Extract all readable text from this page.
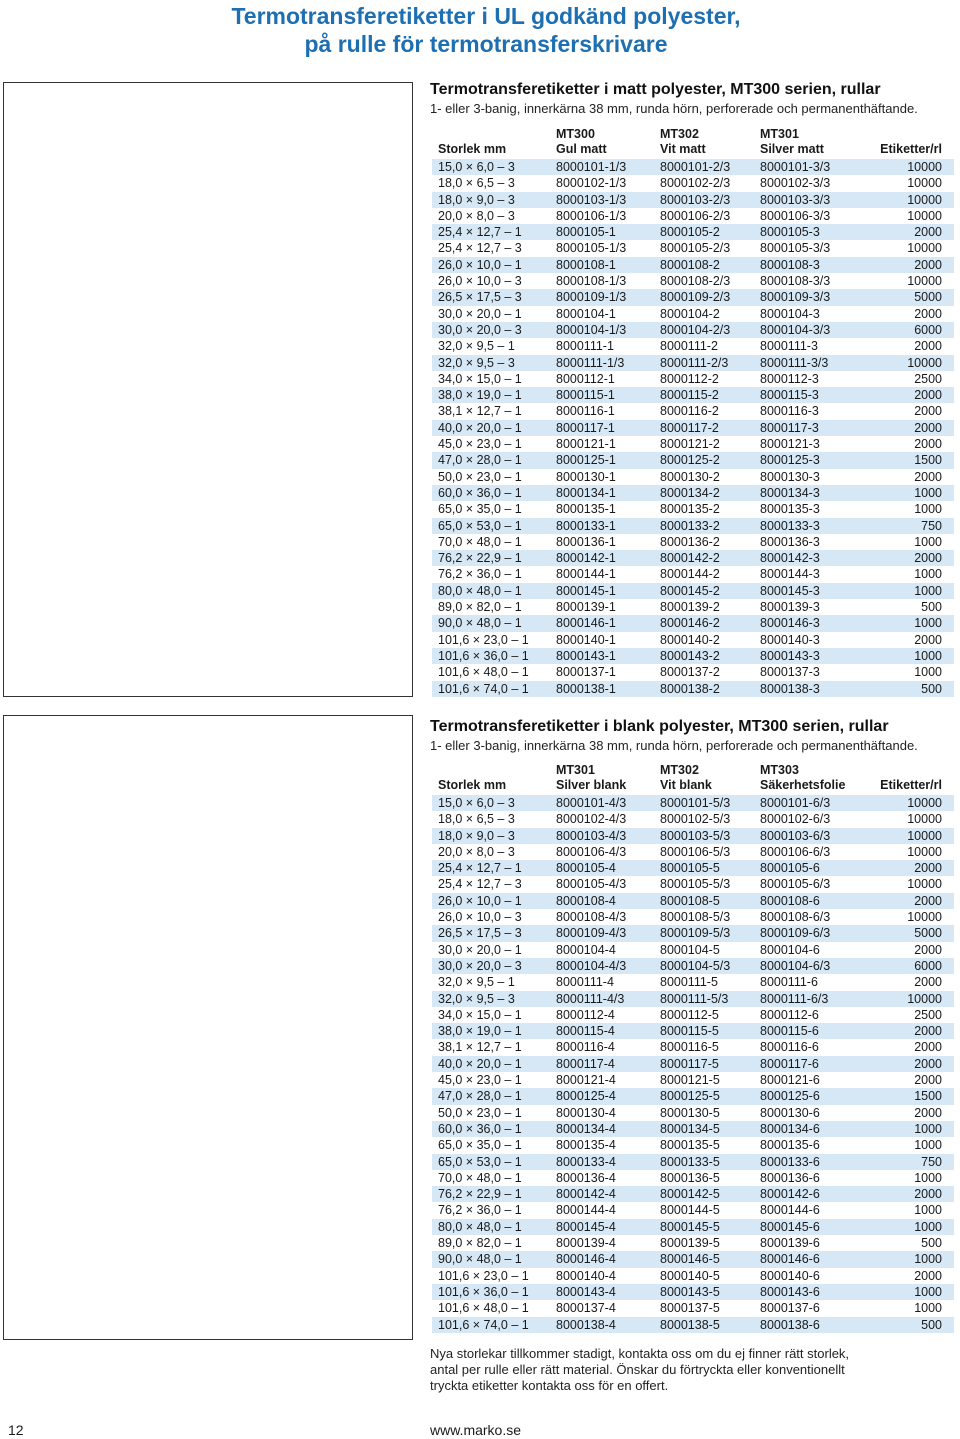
Termotransferetiketter i UL godkänd polyester,
på rulle för termotransferskrivare
Termotransferetiketter i matt polyester, MT300 serien, rullar
1- eller 3-banig, innerkärna 38 mm, runda hörn, perforerade och permanenthäftande.
	MT300	MT302	MT301	
Storlek mm	Gul matt	Vit matt	Silver matt	Etiketter/rl
15,0 × 6,0 – 3	8000101-1/3	8000101-2/3	8000101-3/3	10000
18,0 × 6,5 – 3	8000102-1/3	8000102-2/3	8000102-3/3	10000
18,0 × 9,0 – 3	8000103-1/3	8000103-2/3	8000103-3/3	10000
20,0 × 8,0 – 3	8000106-1/3	8000106-2/3	8000106-3/3	10000
25,4 × 12,7 – 1	8000105-1	8000105-2	8000105-3	2000
25,4 × 12,7 – 3	8000105-1/3	8000105-2/3	8000105-3/3	10000
26,0 × 10,0 – 1	8000108-1	8000108-2	8000108-3	2000
26,0 × 10,0 – 3	8000108-1/3	8000108-2/3	8000108-3/3	10000
26,5 × 17,5 – 3	8000109-1/3	8000109-2/3	8000109-3/3	5000
30,0 × 20,0 – 1	8000104-1	8000104-2	8000104-3	2000
30,0 × 20,0 – 3	8000104-1/3	8000104-2/3	8000104-3/3	6000
32,0 × 9,5 – 1	8000111-1	8000111-2	8000111-3	2000
32,0 × 9,5 – 3	8000111-1/3	8000111-2/3	8000111-3/3	10000
34,0 × 15,0 – 1	8000112-1	8000112-2	8000112-3	2500
38,0 × 19,0 – 1	8000115-1	8000115-2	8000115-3	2000
38,1 × 12,7 – 1	8000116-1	8000116-2	8000116-3	2000
40,0 × 20,0 – 1	8000117-1	8000117-2	8000117-3	2000
45,0 × 23,0 – 1	8000121-1	8000121-2	8000121-3	2000
47,0 × 28,0 – 1	8000125-1	8000125-2	8000125-3	1500
50,0 × 23,0 – 1	8000130-1	8000130-2	8000130-3	2000
60,0 × 36,0 – 1	8000134-1	8000134-2	8000134-3	1000
65,0 × 35,0 – 1	8000135-1	8000135-2	8000135-3	1000
65,0 × 53,0 – 1	8000133-1	8000133-2	8000133-3	750
70,0 × 48,0 – 1	8000136-1	8000136-2	8000136-3	1000
76,2 × 22,9 – 1	8000142-1	8000142-2	8000142-3	2000
76,2 × 36,0 – 1	8000144-1	8000144-2	8000144-3	1000
80,0 × 48,0 – 1	8000145-1	8000145-2	8000145-3	1000
89,0 × 82,0 – 1	8000139-1	8000139-2	8000139-3	500
90,0 × 48,0 – 1	8000146-1	8000146-2	8000146-3	1000
101,6 × 23,0 – 1	8000140-1	8000140-2	8000140-3	2000
101,6 × 36,0 – 1	8000143-1	8000143-2	8000143-3	1000
101,6 × 48,0 – 1	8000137-1	8000137-2	8000137-3	1000
101,6 × 74,0 – 1	8000138-1	8000138-2	8000138-3	500
Termotransferetiketter i blank polyester, MT300 serien, rullar
1- eller 3-banig, innerkärna 38 mm, runda hörn, perforerade och permanenthäftande.
	MT301	MT302	MT303	
Storlek mm	Silver blank	Vit blank	Säkerhetsfolie	Etiketter/rl
15,0 × 6,0 – 3	8000101-4/3	8000101-5/3	8000101-6/3	10000
18,0 × 6,5 – 3	8000102-4/3	8000102-5/3	8000102-6/3	10000
18,0 × 9,0 – 3	8000103-4/3	8000103-5/3	8000103-6/3	10000
20,0 × 8,0 – 3	8000106-4/3	8000106-5/3	8000106-6/3	10000
25,4 × 12,7 – 1	8000105-4	8000105-5	8000105-6	2000
25,4 × 12,7 – 3	8000105-4/3	8000105-5/3	8000105-6/3	10000
26,0 × 10,0 – 1	8000108-4	8000108-5	8000108-6	2000
26,0 × 10,0 – 3	8000108-4/3	8000108-5/3	8000108-6/3	10000
26,5 × 17,5 – 3	8000109-4/3	8000109-5/3	8000109-6/3	5000
30,0 × 20,0 – 1	8000104-4	8000104-5	8000104-6	2000
30,0 × 20,0 – 3	8000104-4/3	8000104-5/3	8000104-6/3	6000
32,0 × 9,5 – 1	8000111-4	8000111-5	8000111-6	2000
32,0 × 9,5 – 3	8000111-4/3	8000111-5/3	8000111-6/3	10000
34,0 × 15,0 – 1	8000112-4	8000112-5	8000112-6	2500
38,0 × 19,0 – 1	8000115-4	8000115-5	8000115-6	2000
38,1 × 12,7 – 1	8000116-4	8000116-5	8000116-6	2000
40,0 × 20,0 – 1	8000117-4	8000117-5	8000117-6	2000
45,0 × 23,0 – 1	8000121-4	8000121-5	8000121-6	2000
47,0 × 28,0 – 1	8000125-4	8000125-5	8000125-6	1500
50,0 × 23,0 – 1	8000130-4	8000130-5	8000130-6	2000
60,0 × 36,0 – 1	8000134-4	8000134-5	8000134-6	1000
65,0 × 35,0 – 1	8000135-4	8000135-5	8000135-6	1000
65,0 × 53,0 – 1	8000133-4	8000133-5	8000133-6	750
70,0 × 48,0 – 1	8000136-4	8000136-5	8000136-6	1000
76,2 × 22,9 – 1	8000142-4	8000142-5	8000142-6	2000
76,2 × 36,0 – 1	8000144-4	8000144-5	8000144-6	1000
80,0 × 48,0 – 1	8000145-4	8000145-5	8000145-6	1000
89,0 × 82,0 – 1	8000139-4	8000139-5	8000139-6	500
90,0 × 48,0 – 1	8000146-4	8000146-5	8000146-6	1000
101,6 × 23,0 – 1	8000140-4	8000140-5	8000140-6	2000
101,6 × 36,0 – 1	8000143-4	8000143-5	8000143-6	1000
101,6 × 48,0 – 1	8000137-4	8000137-5	8000137-6	1000
101,6 × 74,0 – 1	8000138-4	8000138-5	8000138-6	500
Nya storlekar tillkommer stadigt, kontakta oss om du ej finner rätt storlek, antal per rulle eller rätt material. Önskar du förtryckta eller konventionellt tryckta etiketter kontakta oss för en offert.
12	www.marko.se
